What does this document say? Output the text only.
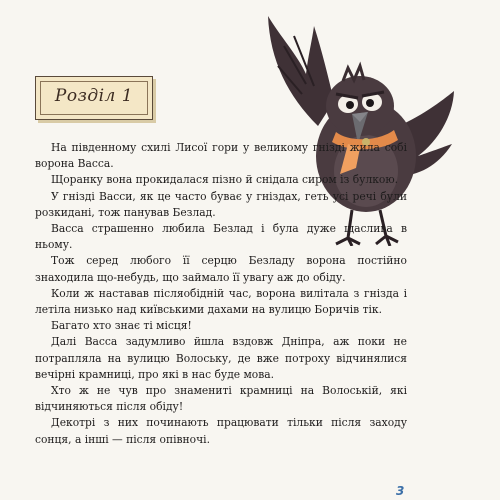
Розділ 1

На південному схилі Лисої гори у великому гнізді жила собі ворона Васса.

Щоранку вона прокидалася пізно й снідала сиром із булкою.

У гнізді Васси, як це часто буває у гніздах, геть усі речі були розкидані, тож панував Безлад.

Васса страшенно любила Безлад і була дуже щаслива в ньому.

Тож серед любого її серцю Безладу ворона постійно знаходила що-небудь, що займало її увагу аж до обіду.

Коли ж наставав післяобідній час, ворона вилітала з гнізда і летіла низько над київськими дахами на вулицю Боричів тік.

Багато хто знає ті місця!

Далі Васса задумливо йшла вздовж Дніпра, аж поки не потрапляла на вулицю Волоську, де вже потроху відчинялися вечірні крамниці, про які в нас буде мова.

Хто ж не чув про знамениті крамниці на Волоській, які відчиняються після обіду!

Декотрі з них починають працювати тільки після заходу сонця, а інші — після опівночі.

3
